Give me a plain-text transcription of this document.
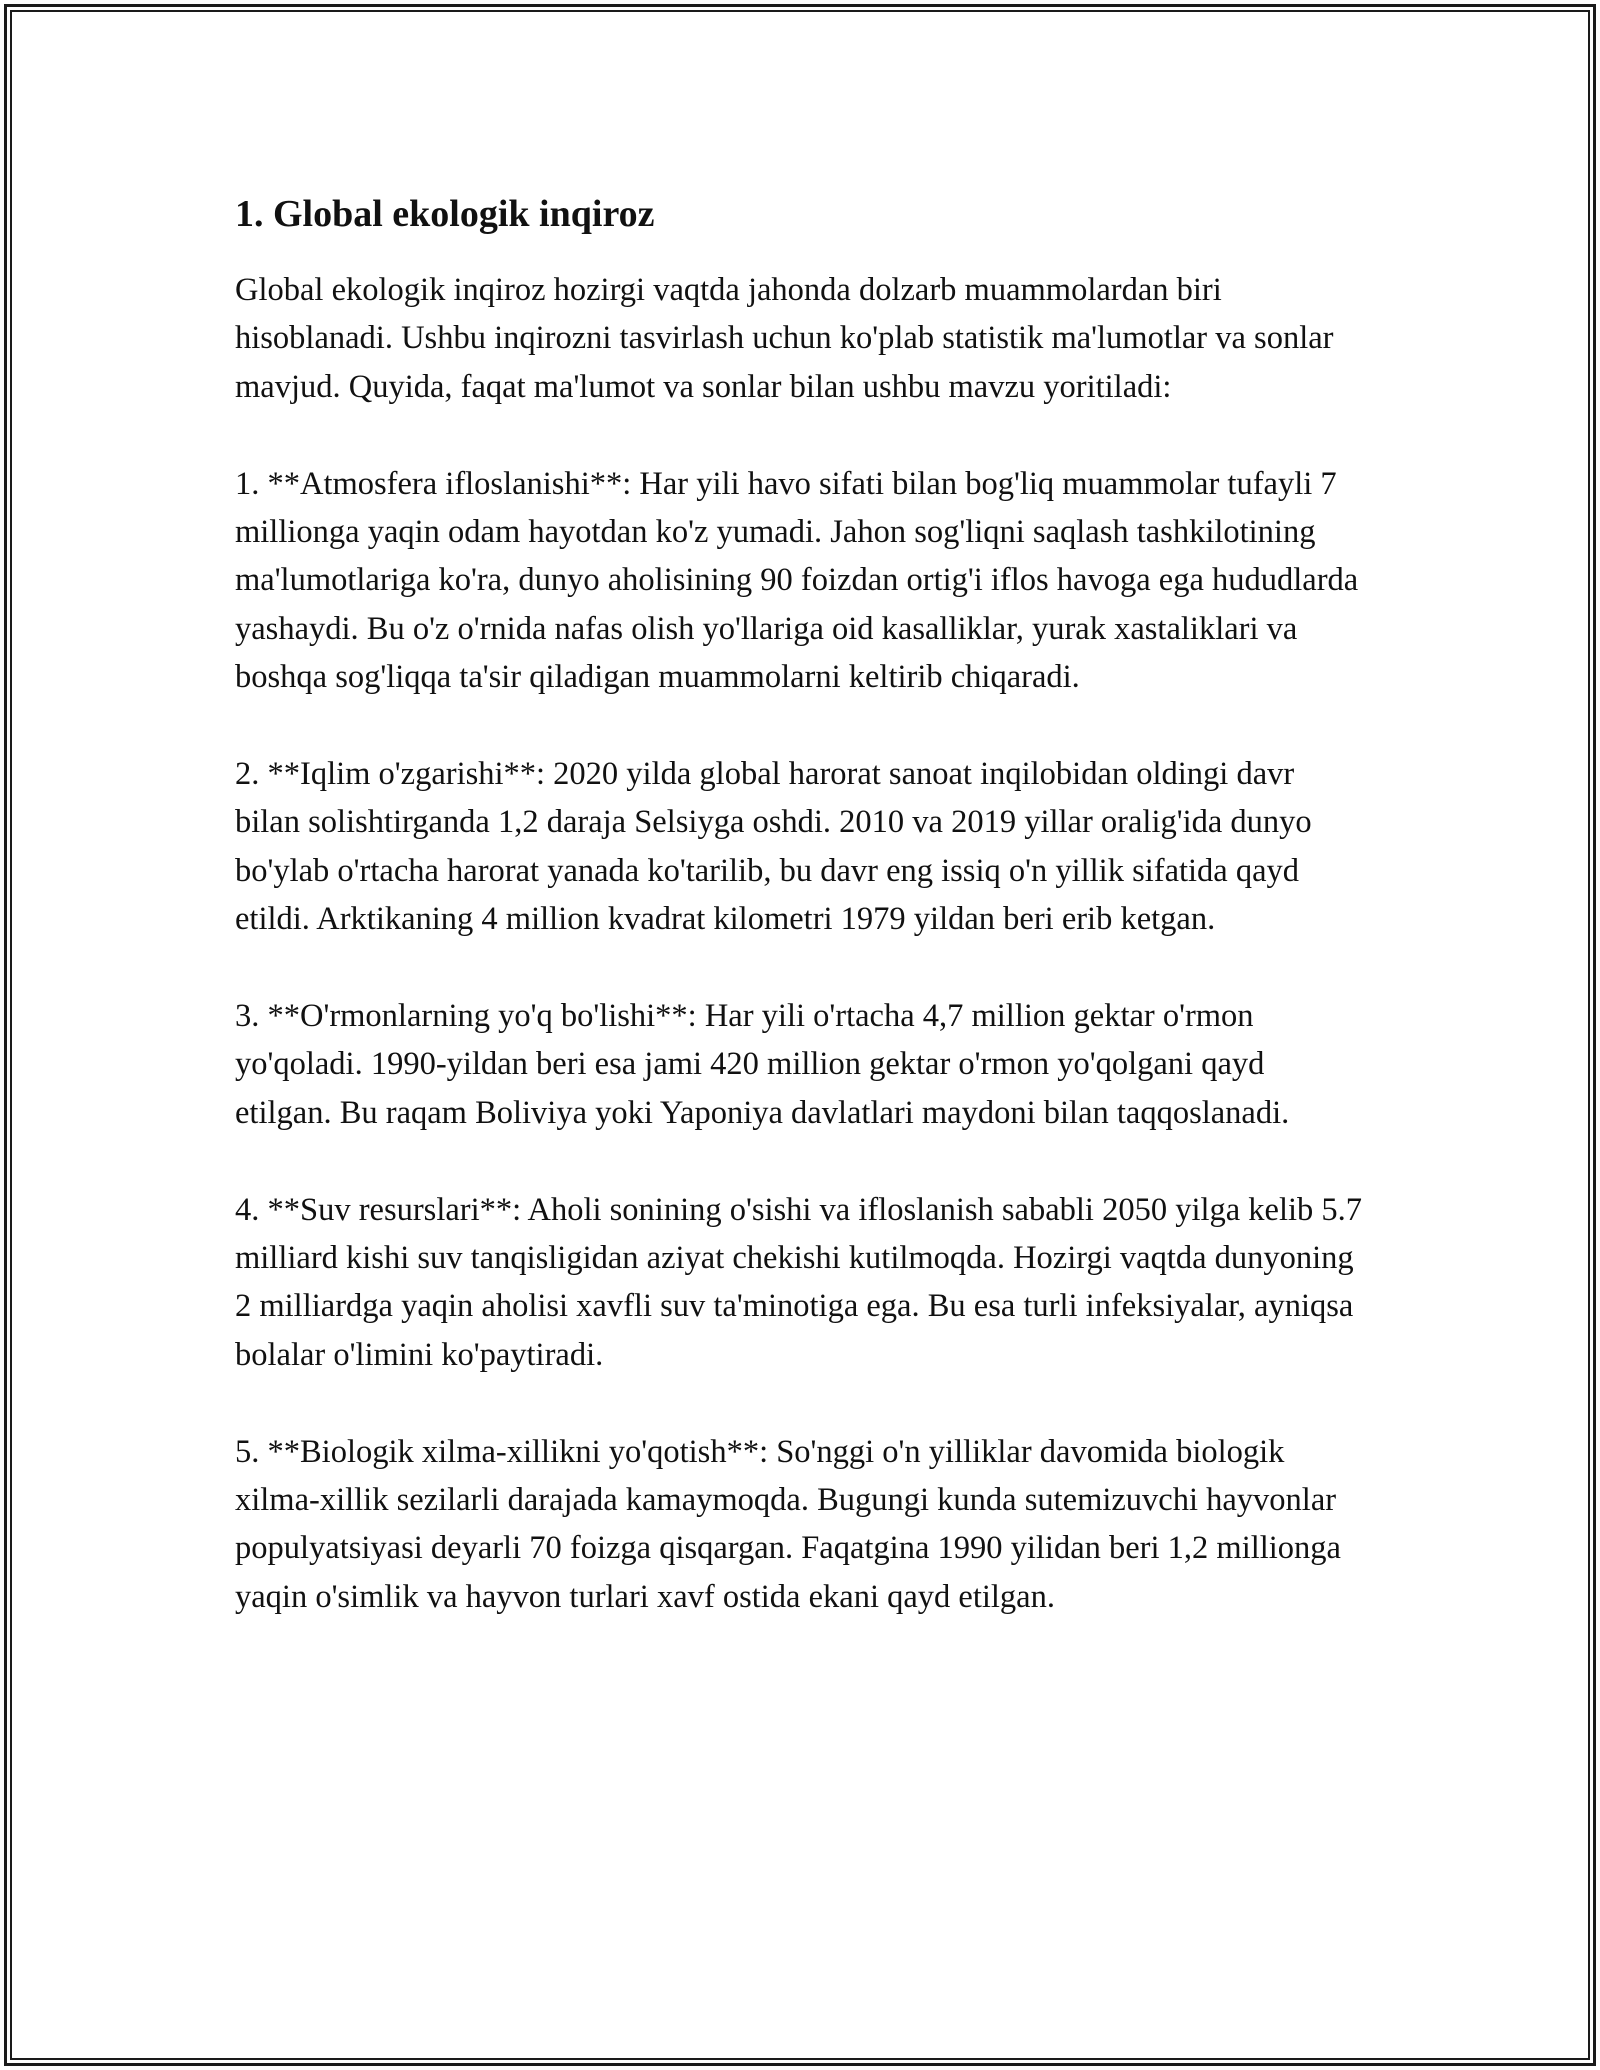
1. Global ekologik inqiroz

Global ekologik inqiroz hozirgi vaqtda jahonda dolzarb muammolardan biri hisoblanadi. Ushbu inqirozni tasvirlash uchun ko'plab statistik ma'lumotlar va sonlar mavjud. Quyida, faqat ma'lumot va sonlar bilan ushbu mavzu yoritiladi:

1. **Atmosfera ifloslanishi**: Har yili havo sifati bilan bog'liq muammolar tufayli 7 millionga yaqin odam hayotdan ko'z yumadi. Jahon sog'liqni saqlash tashkilotining ma'lumotlariga ko'ra, dunyo aholisining 90 foizdan ortig'i iflos havoga ega hududlarda yashaydi. Bu o'z o'rnida nafas olish yo'llariga oid kasalliklar, yurak xastaliklari va boshqa sog'liqqa ta'sir qiladigan muammolarni keltirib chiqaradi.

2. **Iqlim o'zgarishi**: 2020 yilda global harorat sanoat inqilobidan oldingi davr bilan solishtirganda 1,2 daraja Selsiyga oshdi. 2010 va 2019 yillar oralig'ida dunyo bo'ylab o'rtacha harorat yanada ko'tarilib, bu davr eng issiq o'n yillik sifatida qayd etildi. Arktikaning 4 million kvadrat kilometri 1979 yildan beri erib ketgan.

3. **O'rmonlarning yo'q bo'lishi**: Har yili o'rtacha 4,7 million gektar o'rmon yo'qoladi. 1990-yildan beri esa jami 420 million gektar o'rmon yo'qolgani qayd etilgan. Bu raqam Boliviya yoki Yaponiya davlatlari maydoni bilan taqqoslanadi.

4. **Suv resurslari**: Aholi sonining o'sishi va ifloslanish sababli 2050 yilga kelib 5.7 milliard kishi suv tanqisligidan aziyat chekishi kutilmoqda. Hozirgi vaqtda dunyoning 2 milliardga yaqin aholisi xavfli suv ta'minotiga ega. Bu esa turli infeksiyalar, ayniqsa bolalar o'limini ko'paytiradi.

5. **Biologik xilma-xillikni yo'qotish**: So'nggi o'n yilliklar davomida biologik xilma-xillik sezilarli darajada kamaymoqda. Bugungi kunda sutemizuvchi hayvonlar populyatsiyasi deyarli 70 foizga qisqargan. Faqatgina 1990 yilidan beri 1,2 millionga yaqin o'simlik va hayvon turlari xavf ostida ekani qayd etilgan.
